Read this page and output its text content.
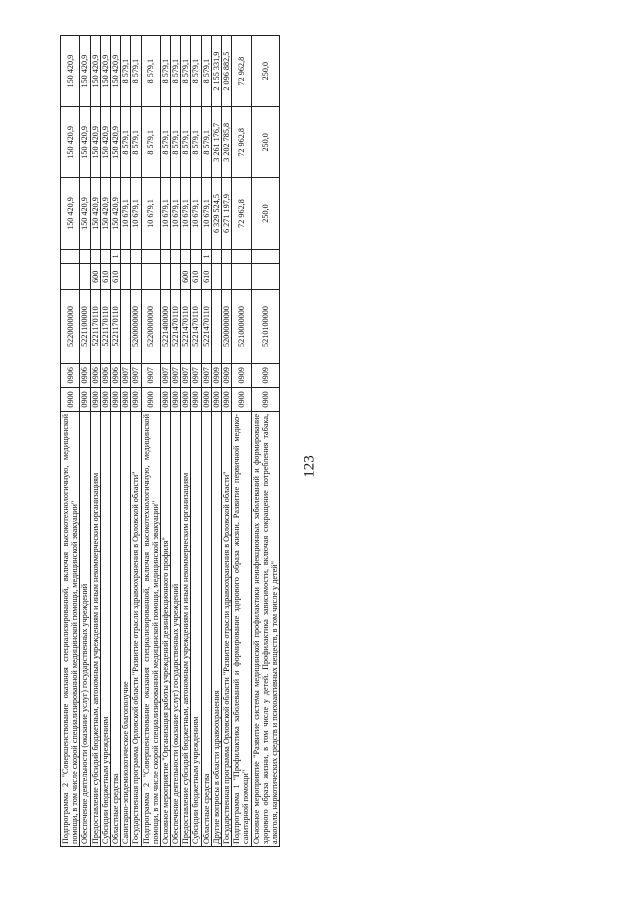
123
Подпрограмма 2 "Совершенствование оказания специализированной, включая высокотехнологичную, медицинской помощи, в том числе скорой специализированной медицинской помощи, медицинской эвакуации"	0900	0906	5220000000			150 420,9	150 420,9	150 420,9
Обеспечение деятельности (оказание услуг) государственных учреждений	0900	0906	5221100000			150 420,9	150 420,9	150 420,9
Предоставление субсидий бюджетным, автономным учреждениям и иным некоммерческим организациям	0900	0906	5221170110	600		150 420,9	150 420,9	150 420,9
Субсидии бюджетным учреждениям	0900	0906	5221170110	610		150 420,9	150 420,9	150 420,9
Областные средства	0900	0906	5221170110	610	1	150 420,9	150 420,9	150 420,9
Санитарно-эпидемиологическое благополучие	0900	0907				10 679,1	8 579,1	8 579,1
Государственная программа Орловской области "Развитие отрасли здравоохранения в Орловской области"	0900	0907	5200000000			10 679,1	8 579,1	8 579,1
Подпрограмма 2 "Совершенствование оказания специализированной, включая высокотехнологичную, медицинской помощи, в том числе скорой специализированной медицинской помощи, медицинской эвакуации"	0900	0907	5220000000			10 679,1	8 579,1	8 579,1
Основное мероприятие "Организация работы учреждений дезинфекционного профиля"	0900	0907	5221400000			10 679,1	8 579,1	8 579,1
Обеспечение деятельности (оказание услуг) государственных учреждений	0900	0907	5221470110			10 679,1	8 579,1	8 579,1
Предоставление субсидий бюджетным, автономным учреждениям и иным некоммерческим организациям	0900	0907	5221470110	600		10 679,1	8 579,1	8 579,1
Субсидии бюджетным учреждениям	0900	0907	5221470110	610		10 679,1	8 579,1	8 579,1
Областные средства	0900	0907	5221470110	610	1	10 679,1	8 579,1	8 579,1
Другие вопросы в области здравоохранения	0900	0909				6 329 524,5	3 261 176,7	2 155 331,9
Государственная программа Орловской области "Развитие отрасли здравоохранения в Орловской области"	0900	0909	5200000000			6 271 197,9	3 202 785,8	2 096 882,5
Подпрограмма 1 "Профилактика заболеваний и формирование здорового образа жизни. Развитие первичной медико-санитарной помощи"	0900	0909	5210000000			72 962,8	72 962,8	72 962,8
Основное мероприятие "Развитие системы медицинской профилактики неинфекционных заболеваний и формирование здорового образа жизни, в том числе у детей. Профилактика зависимости, включая сокращение потребления табака, алкоголя, наркотических средств и психоактивных веществ, в том числе у детей"	0900	0909	5210100000			250,0	250,0	250,0
